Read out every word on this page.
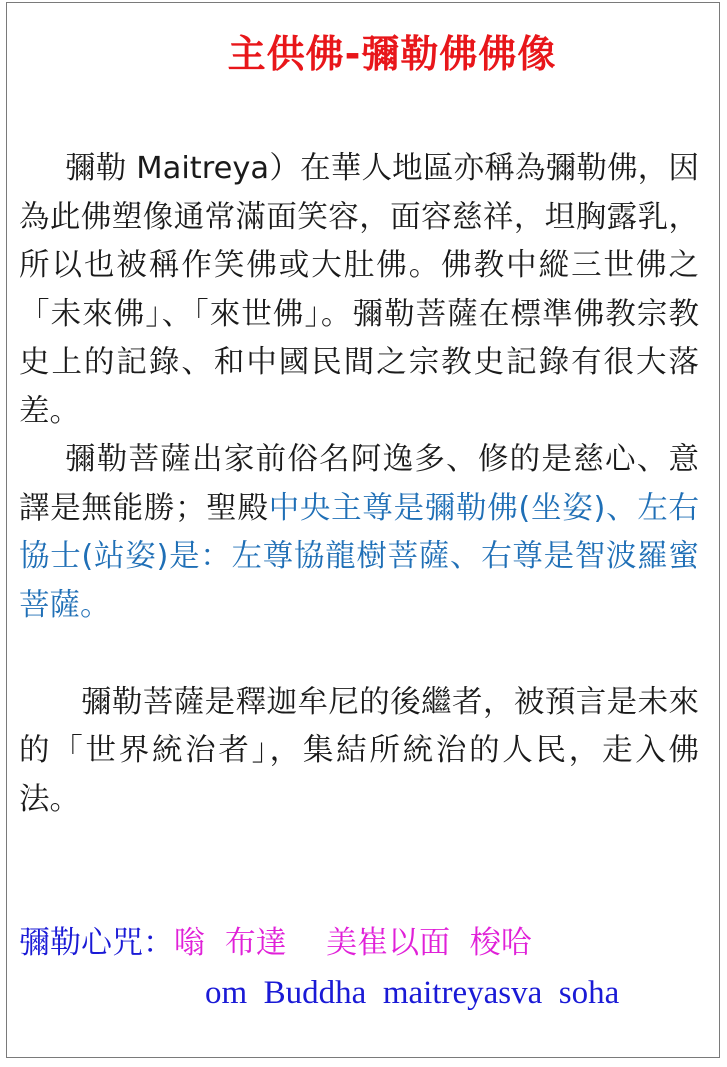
主供佛-彌勒佛佛像

彌勒 Maitreya）在華人地區亦稱為彌勒佛，因為此佛塑像通常滿面笑容，面容慈祥，坦胸露乳，所以也被稱作笑佛或大肚佛。佛教中縱三世佛之「未來佛」、「來世佛」。彌勒菩薩在標準佛教宗教史上的記錄、和中國民間之宗教史記錄有很大落差。

彌勒菩薩出家前俗名阿逸多、修的是慈心、意譯是無能勝；聖殿中央主尊是彌勒佛(坐姿)、左右協士(站姿)是：左尊協龍樹菩薩、右尊是智波羅蜜菩薩。

彌勒菩薩是釋迦牟尼的後繼者，被預言是未來的「世界統治者」，集結所統治的人民，走入佛法。

彌勒心咒：嗡  布達    美崔以面  梭哈
om  Buddha  maitreyasva  soha
